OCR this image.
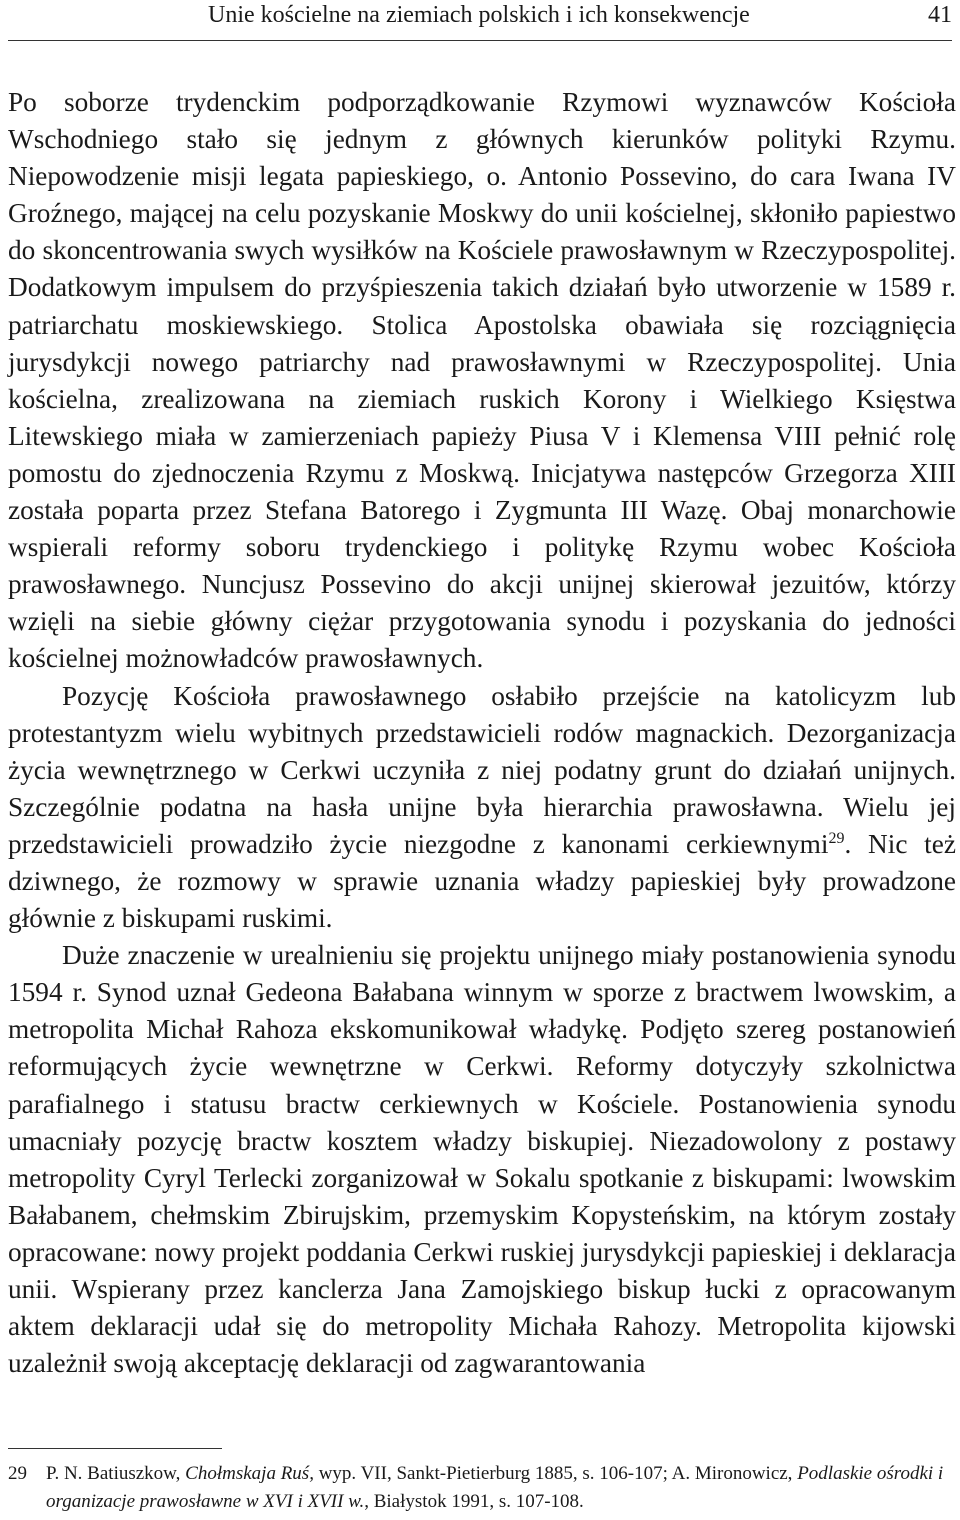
Unie kościelne na ziemiach polskich i ich konsekwencje	41

Po soborze trydenckim podporządkowanie Rzymowi wyznawców Kościoła Wschodniego stało się jednym z głównych kierunków polityki Rzymu. Niepowodzenie misji legata papieskiego, o. Antonio Possevino, do cara Iwana IV Groźnego, mającej na celu pozyskanie Moskwy do unii kościelnej, skłoniło papiestwo do skoncentrowania swych wysiłków na Kościele prawosławnym w Rzeczypospolitej. Dodatkowym impulsem do przyśpieszenia takich działań było utworzenie w 1589 r. patriarchatu moskiewskiego. Stolica Apostolska obawiała się rozciągnięcia jurysdykcji nowego patriarchy nad prawosławnymi w Rzeczypospolitej. Unia kościelna, zrealizowana na ziemiach ruskich Korony i Wielkiego Księstwa Litewskiego miała w zamierzeniach papieży Piusa V i Klemensa VIII pełnić rolę pomostu do zjednoczenia Rzymu z Moskwą. Inicjatywa następców Grzegorza XIII została poparta przez Stefana Batorego i Zygmunta III Wazę. Obaj monarchowie wspierali reformy soboru trydenckiego i politykę Rzymu wobec Kościoła prawosławnego. Nuncjusz Possevino do akcji unijnej skierował jezuitów, którzy wzięli na siebie główny ciężar przygotowania synodu i pozyskania do jedności kościelnej możnowładców prawosławnych.

Pozycję Kościoła prawosławnego osłabiło przejście na katolicyzm lub protestantyzm wielu wybitnych przedstawicieli rodów magnackich. Dezorganizacja życia wewnętrznego w Cerkwi uczyniła z niej podatny grunt do działań unijnych. Szczególnie podatna na hasła unijne była hierarchia prawosławna. Wielu jej przedstawicieli prowadziło życie niezgodne z kanonami cerkiewnymi$^{29}$. Nic też dziwnego, że rozmowy w sprawie uznania władzy papieskiej były prowadzone głównie z biskupami ruskimi.

Duże znaczenie w urealnieniu się projektu unijnego miały postanowienia synodu 1594 r. Synod uznał Gedeona Bałabana winnym w sporze z bractwem lwowskim, a metropolita Michał Rahoza ekskomunikował władykę. Podjęto szereg postanowień reformujących życie wewnętrzne w Cerkwi. Reformy dotyczyły szkolnictwa parafialnego i statusu bractw cerkiewnych w Kościele. Postanowienia synodu umacniały pozycję bractw kosztem władzy biskupiej. Niezadowolony z postawy metropolity Cyryl Terlecki zorganizował w Sokalu spotkanie z biskupami: lwowskim Bałabanem, chełmskim Zbirujskim, przemyskim Kopysteńskim, na którym zostały opracowane: nowy projekt poddania Cerkwi ruskiej jurysdykcji papieskiej i deklaracja unii. Wspierany przez kanclerza Jana Zamojskiego biskup łucki z opracowanym aktem deklaracji udał się do metropolity Michała Rahozy. Metropolita kijowski uzależnił swoją akceptację deklaracji od zagwarantowania

29 P. N. Batiuszkow, Chołmskaja Ruś, wyp. VII, Sankt-Pietierburg 1885, s. 106-107; A. Mironowicz, Podlaskie ośrodki i organizacje prawosławne w XVI i XVII w., Białystok 1991, s. 107-108.
